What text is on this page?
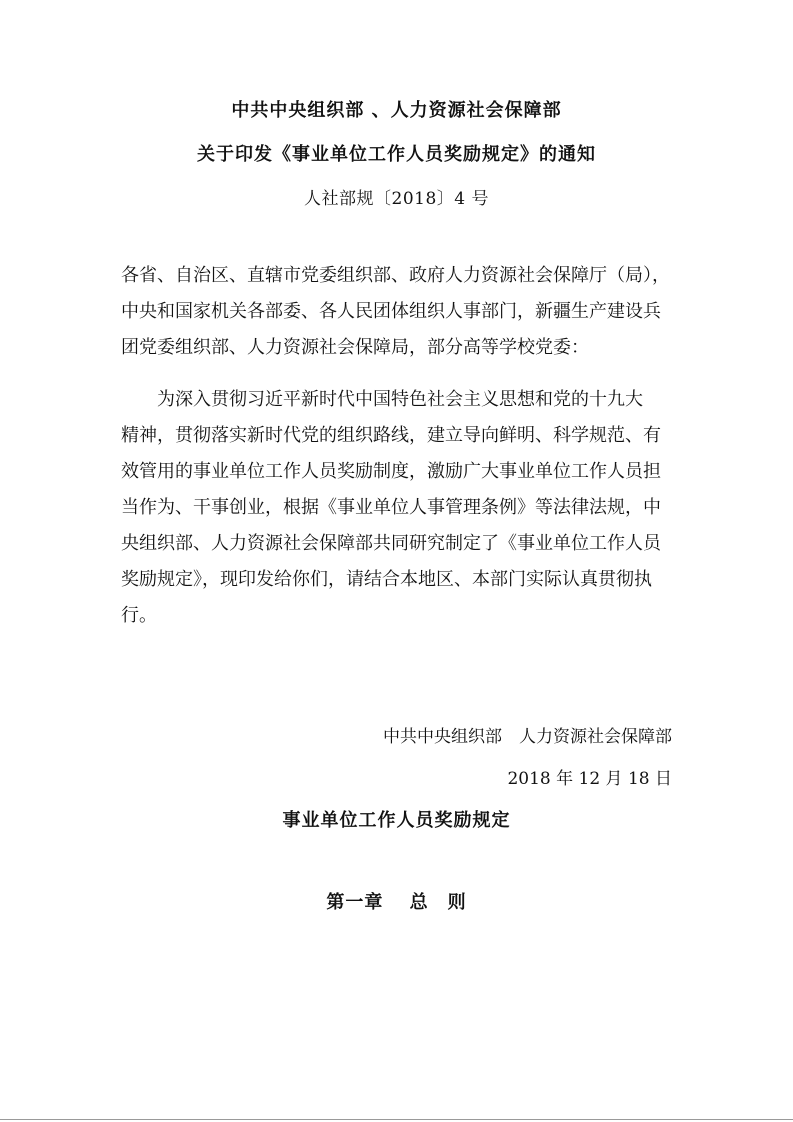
中共中央组织部 、人力资源社会保障部
关于印发《事业单位工作人员奖励规定》的通知
人社部规〔2018〕4 号
各省、自治区、直辖市党委组织部、政府人力资源社会保障厅（局），
中央和国家机关各部委、各人民团体组织人事部门，新疆生产建设兵
团党委组织部、人力资源社会保障局，部分高等学校党委：
为深入贯彻习近平新时代中国特色社会主义思想和党的十九大
精神，贯彻落实新时代党的组织路线，建立导向鲜明、科学规范、有
效管用的事业单位工作人员奖励制度，激励广大事业单位工作人员担
当作为、干事创业，根据《事业单位人事管理条例》等法律法规，中
央组织部、人力资源社会保障部共同研究制定了《事业单位工作人员
奖励规定》，现印发给你们，请结合本地区、本部门实际认真贯彻执
行。
中共中央组织部　人力资源社会保障部
2018 年 12 月 18 日
事业单位工作人员奖励规定
第一章　 总　则
